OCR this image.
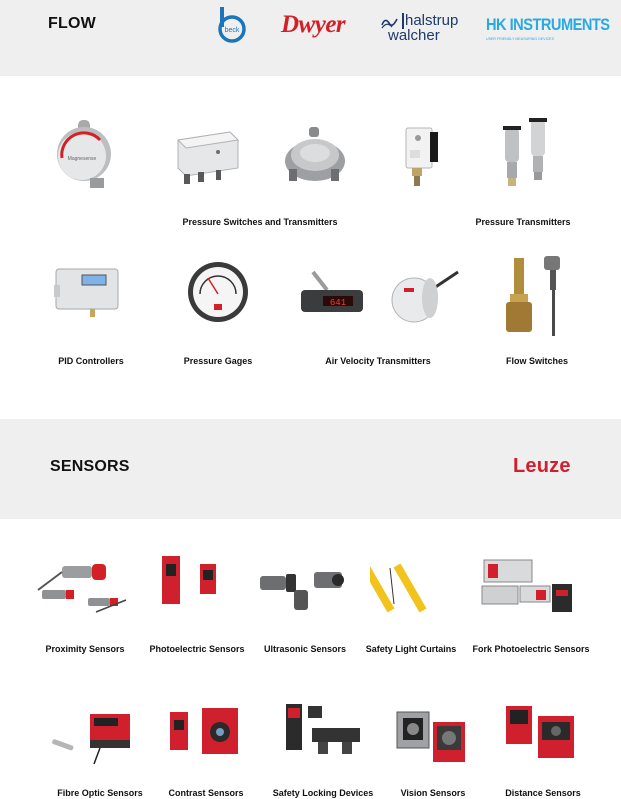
FLOW	beck Dwyer	halstrup
walcher
HK INSTRUMENTS
USER FRIENDLY MEASURING DEVICES
Magnesense
Pressure Switches and Transmitters	Pressure Transmitters
641
PID Controllers	Pressure Gages	Air Velocity Transmitters	Flow Switches
SENSORS	Leuze
Proximity Sensors	Photoelectric Sensors Ultrasonic Sensors Safety Light Curtains Fork Photoelectric Sensors
Fibre Optic Sensors	Contrast Sensors	Safety Locking Devices	Vision Sensors	Distance Sensors
